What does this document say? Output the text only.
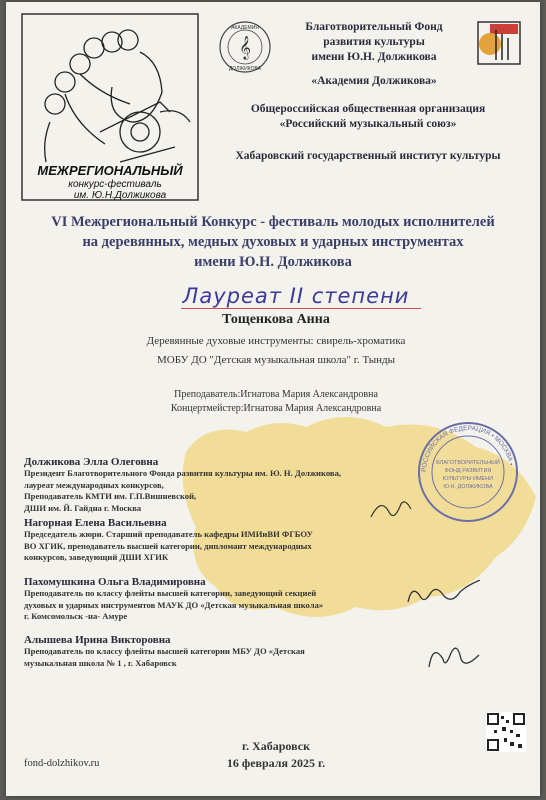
МЕЖРЕГИОНАЛЬНЫЙ
конкурс-фестиваль
им. Ю.Н.Должикова
𝄞
АКАДЕМИЯ
ДОЛЖИКОВА
Благотворительный Фонд
развития культуры
имени Ю.Н. Должикова
«Академия Должикова»
Общероссийская общественная организация
«Российский музыкальный союз»
Хабаровский государственный институт культуры
VI Межрегиональный Конкурс - фестиваль молодых исполнителей
на деревянных, медных духовых и ударных инструментах
имени Ю.Н. Должикова
Лауреат II степени
Тощенкова Анна
Деревянные духовые инструменты: свирель-хроматика
МОБУ ДО "Детская музыкальная школа" г. Тынды
Преподаватель:Игнатова Мария Александровна
Концертмейстер:Игнатова Мария Александровна
Должикова Элла Олеговна
Президент Благотворительного Фонда развития культуры им. Ю. Н. Должикова,
лауреат международных конкурсов,
Преподаватель КМТИ им. Г.П.Вишневской,
ДШИ им. Й. Гайдна г. Москва
Нагорная Елена Васильевна
Председатель жюри. Старший преподаватель кафедры ИМИиВИ ФГБОУ
ВО ХГИК, преподаватель высшей категории, дипломант международных
конкурсов, заведующий ДШИ ХГИК
Пахомушкина Ольга Владимировна
Преподаватель по классу флейты высшей категории, заведующий секцией
духовых и ударных инструментов МАУК ДО «Детская музыкальная школа»
г. Комсомольск -на- Амуре
Алышева Ирина Викторовна
Преподаватель по классу флейты высшей категории МБУ ДО «Детская
музыкальная школа № 1 , г. Хабаровск
РОССИЙСКАЯ ФЕДЕРАЦИЯ • МОСКВА •
БЛАГОТВОРИТЕЛЬНЫЙ
ФОНД РАЗВИТИЯ
КУЛЬТУРЫ ИМЕНИ
Ю.Н. ДОЛЖИКОВА
fond-dolzhikov.ru
г. Хабаровск
16 февраля 2025 г.
